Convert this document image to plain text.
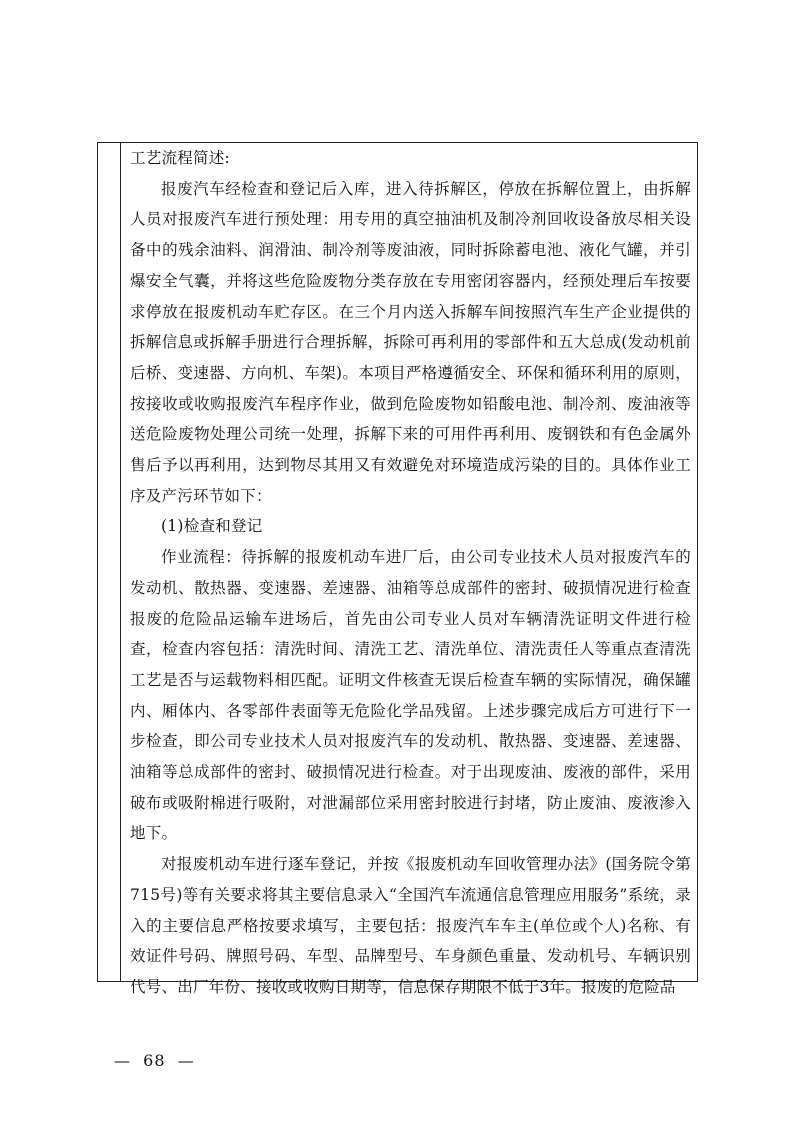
工艺流程简述:

报废汽车经检查和登记后入库，进入待拆解区，停放在拆解位置上，由拆解人员对报废汽车进行预处理：用专用的真空抽油机及制冷剂回收设备放尽相关设备中的残余油料、润滑油、制冷剂等废油液，同时拆除蓄电池、液化气罐，并引爆安全气囊，并将这些危险废物分类存放在专用密闭容器内，经预处理后车按要求停放在报废机动车贮存区。在三个月内送入拆解车间按照汽车生产企业提供的拆解信息或拆解手册进行合理拆解，拆除可再利用的零部件和五大总成(发动机前后桥、变速器、方向机、车架)。本项目严格遵循安全、环保和循环利用的原则，按接收或收购报废汽车程序作业，做到危险废物如铅酸电池、制冷剂、废油液等送危险废物处理公司统一处理，拆解下来的可用件再利用、废钢铁和有色金属外售后予以再利用，达到物尽其用又有效避免对环境造成污染的目的。具体作业工序及产污环节如下：

(1)检查和登记

作业流程：待拆解的报废机动车进厂后，由公司专业技术人员对报废汽车的发动机、散热器、变速器、差速器、油箱等总成部件的密封、破损情况进行检查报废的危险品运输车进场后，首先由公司专业人员对车辆清洗证明文件进行检查，检查内容包括：清洗时间、清洗工艺、清洗单位、清洗责任人等重点查清洗工艺是否与运载物料相匹配。证明文件核查无误后检查车辆的实际情况，确保罐内、厢体内、各零部件表面等无危险化学品残留。上述步骤完成后方可进行下一步检查，即公司专业技术人员对报废汽车的发动机、散热器、变速器、差速器、油箱等总成部件的密封、破损情况进行检查。对于出现废油、废液的部件，采用破布或吸附棉进行吸附，对泄漏部位采用密封胶进行封堵，防止废油、废液渗入地下。

对报废机动车进行逐车登记，并按《报废机动车回收管理办法》(国务院令第715号)等有关要求将其主要信息录入“全国汽车流通信息管理应用服务”系统，录入的主要信息严格按要求填写，主要包括：报废汽车车主(单位或个人)名称、有效证件号码、牌照号码、车型、品牌型号、车身颜色重量、发动机号、车辆识别代号、出厂年份、接收或收购日期等，信息保存期限不低于3年。报废的危险品

—  68  —
